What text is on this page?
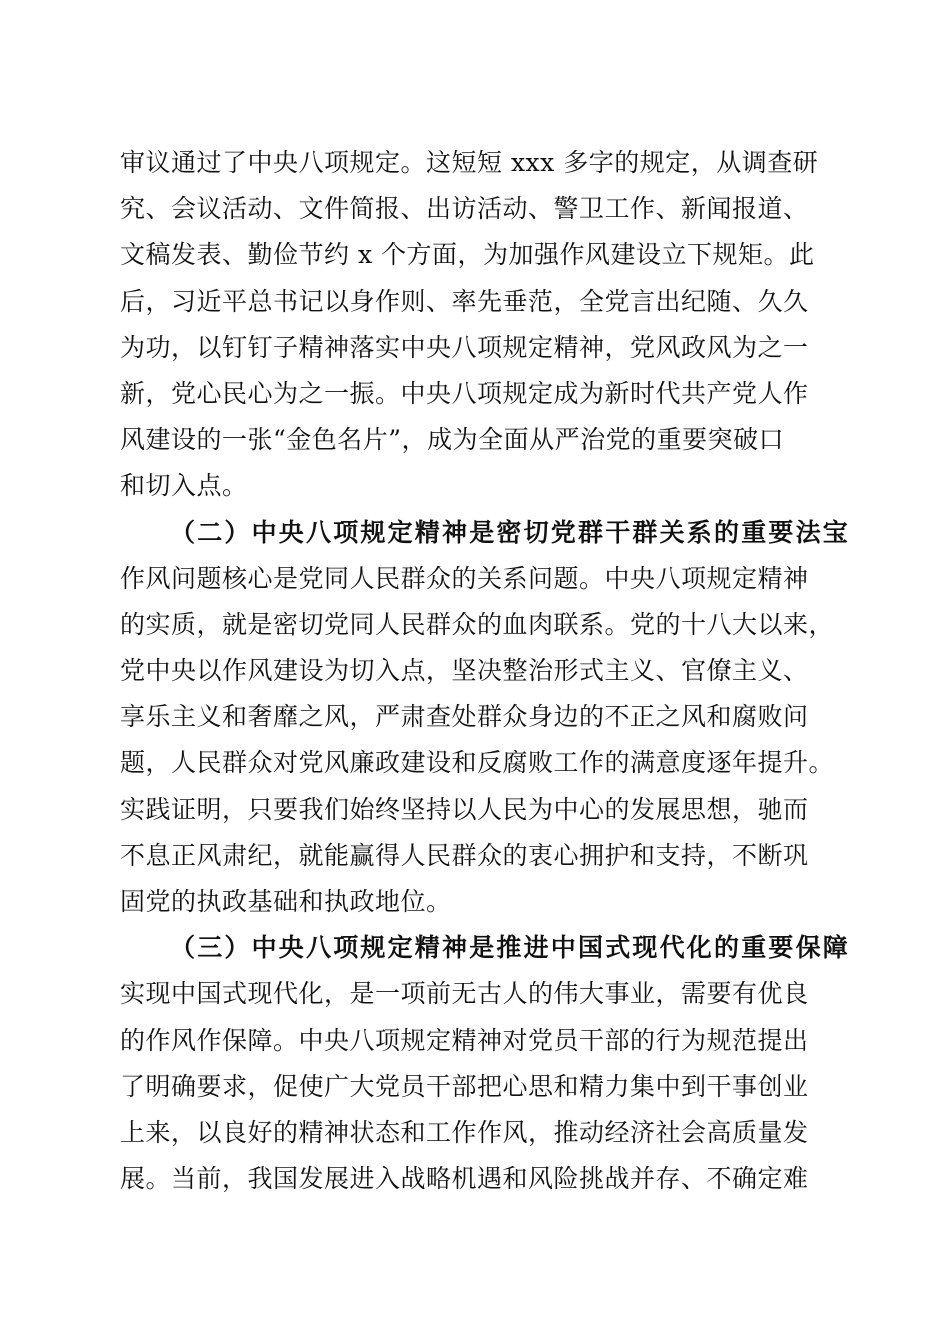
审议通过了中央八项规定。这短短 xxx 多字的规定，从调查研
究、会议活动、文件简报、出访活动、警卫工作、新闻报道、
文稿发表、勤俭节约 x 个方面，为加强作风建设立下规矩。此
后，习近平总书记以身作则、率先垂范，全党言出纪随、久久
为功，以钉钉子精神落实中央八项规定精神，党风政风为之一
新，党心民心为之一振。中央八项规定成为新时代共产党人作
风建设的一张“金色名片”，成为全面从严治党的重要突破口
和切入点。
（二）中央八项规定精神是密切党群干群关系的重要法宝
作风问题核心是党同人民群众的关系问题。中央八项规定精神
的实质，就是密切党同人民群众的血肉联系。党的十八大以来，
党中央以作风建设为切入点，坚决整治形式主义、官僚主义、
享乐主义和奢靡之风，严肃查处群众身边的不正之风和腐败问
题，人民群众对党风廉政建设和反腐败工作的满意度逐年提升。
实践证明，只要我们始终坚持以人民为中心的发展思想，驰而
不息正风肃纪，就能赢得人民群众的衷心拥护和支持，不断巩
固党的执政基础和执政地位。
（三）中央八项规定精神是推进中国式现代化的重要保障
实现中国式现代化，是一项前无古人的伟大事业，需要有优良
的作风作保障。中央八项规定精神对党员干部的行为规范提出
了明确要求，促使广大党员干部把心思和精力集中到干事创业
上来，以良好的精神状态和工作作风，推动经济社会高质量发
展。当前，我国发展进入战略机遇和风险挑战并存、不确定难
